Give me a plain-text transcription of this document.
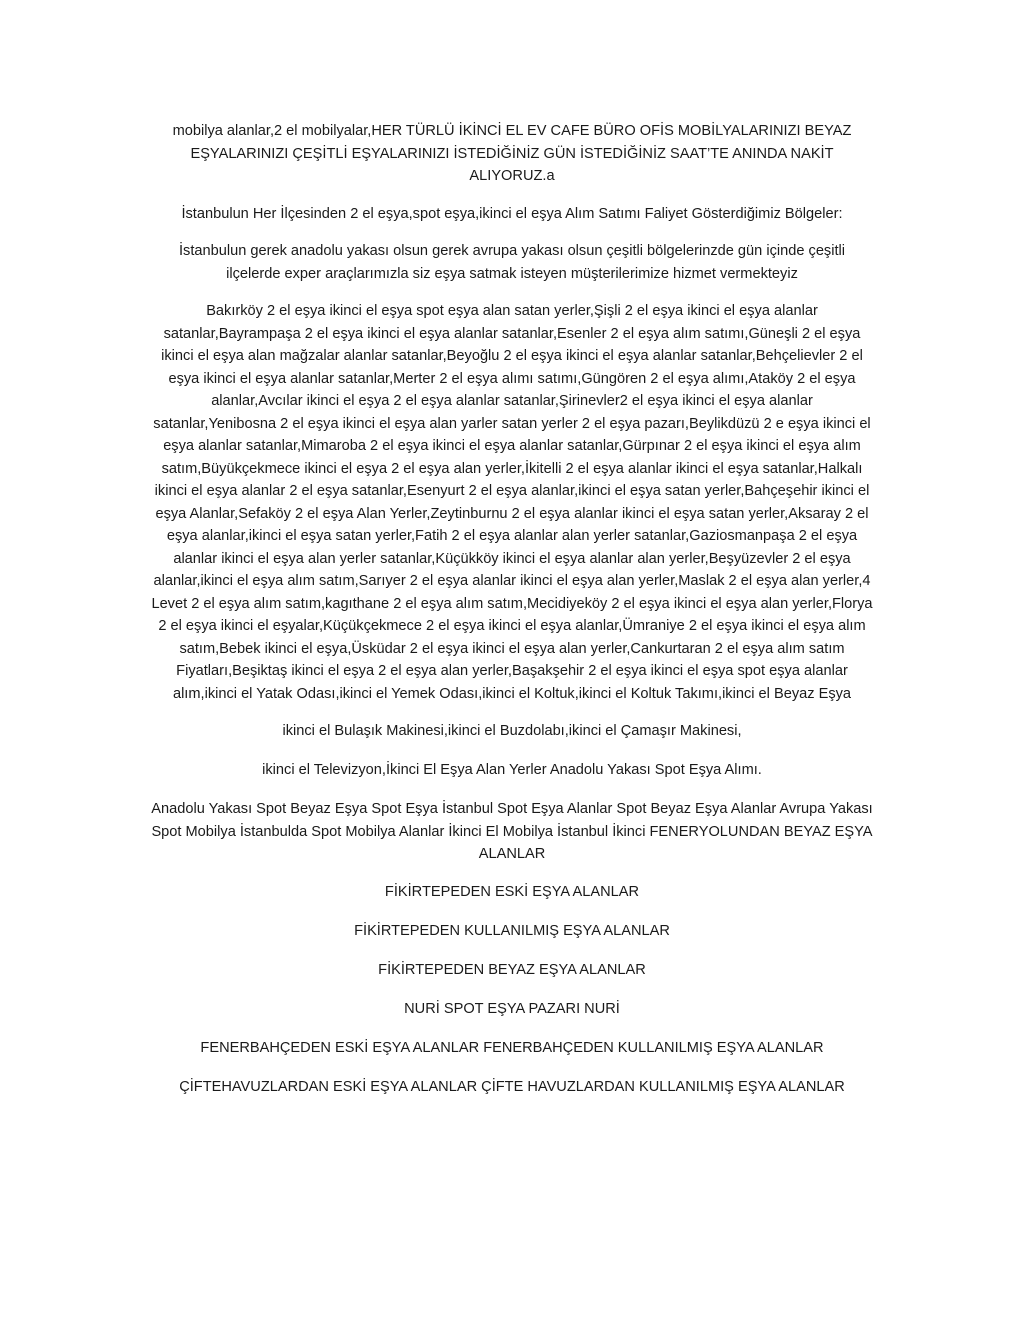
mobilya alanlar,2 el mobilyalar,HER TÜRLÜ İKİNCİ EL EV CAFE BÜRO OFİS MOBİLYALARINIZI BEYAZ EŞYALARINIZI ÇEŞİTLİ EŞYALARINIZI İSTEDİĞİNİZ GÜN İSTEDİĞİNİZ SAAT’TE ANINDA NAKİT ALIYORUZ.a

İstanbulun Her İlçesinden 2 el eşya,spot eşya,ikinci el eşya Alım Satımı Faliyet Gösterdiğimiz Bölgeler:

İstanbulun gerek anadolu yakası olsun gerek avrupa yakası olsun çeşitli bölgelerinzde gün içinde çeşitli ilçelerde exper araçlarımızla siz eşya satmak isteyen müşterilerimize hizmet vermekteyiz

Bakırköy 2 el eşya ikinci el eşya spot eşya alan satan yerler,Şişli 2 el eşya ikinci el eşya alanlar satanlar,Bayrampaşa 2 el eşya ikinci el eşya alanlar satanlar,Esenler 2 el eşya alım satımı,Güneşli 2 el eşya ikinci el eşya alan mağzalar alanlar satanlar,Beyoğlu 2 el eşya ikinci el eşya alanlar satanlar,Behçelievler 2 el eşya ikinci el eşya alanlar satanlar,Merter 2 el eşya alımı satımı,Güngören 2 el eşya alımı,Ataköy 2 el eşya alanlar,Avcılar ikinci el eşya 2 el eşya alanlar satanlar,Şirinevler2 el eşya ikinci el eşya alanlar satanlar,Yenibosna 2 el eşya ikinci el eşya alan yarler satan yerler 2 el eşya pazarı,Beylikdüzü 2 e eşya ikinci el eşya alanlar satanlar,Mimaroba 2 el eşya ikinci el eşya alanlar satanlar,Gürpınar 2 el eşya ikinci el eşya alım satım,Büyükçekmece ikinci el eşya 2 el eşya alan yerler,İkitelli 2 el eşya alanlar ikinci el eşya satanlar,Halkalı ikinci el eşya alanlar 2 el eşya satanlar,Esenyurt 2 el eşya alanlar,ikinci el eşya satan yerler,Bahçeşehir ikinci el eşya Alanlar,Sefaköy 2 el eşya Alan Yerler,Zeytinburnu 2 el eşya alanlar ikinci el eşya satan yerler,Aksaray 2 el eşya alanlar,ikinci el eşya satan yerler,Fatih 2 el eşya alanlar alan yerler satanlar,Gaziosmanpaşa 2 el eşya alanlar ikinci el eşya alan yerler satanlar,Küçükköy ikinci el eşya alanlar alan yerler,Beşyüzevler 2 el eşya alanlar,ikinci el eşya alım satım,Sarıyer 2 el eşya alanlar ikinci el eşya alan yerler,Maslak 2 el eşya alan yerler,4 Levet 2 el eşya alım satım,kagıthane 2 el eşya alım satım,Mecidiyeköy 2 el eşya ikinci el eşya alan yerler,Florya 2 el eşya ikinci el eşyalar,Küçükçekmece 2 el eşya ikinci el eşya alanlar,Ümraniye 2 el eşya ikinci el eşya alım satım,Bebek ikinci el eşya,Üsküdar 2 el eşya ikinci el eşya alan yerler,Cankurtaran 2 el eşya alım satım Fiyatları,Beşiktaş ikinci el eşya 2 el eşya alan yerler,Başakşehir 2 el eşya ikinci el eşya spot eşya alanlar alım,ikinci el Yatak Odası,ikinci el Yemek Odası,ikinci el Koltuk,ikinci el Koltuk Takımı,ikinci el Beyaz Eşya

ikinci el Bulaşık Makinesi,ikinci el Buzdolabı,ikinci el Çamaşır Makinesi,

ikinci el Televizyon,İkinci El Eşya Alan Yerler Anadolu Yakası Spot Eşya Alımı.

Anadolu Yakası Spot Beyaz Eşya Spot Eşya İstanbul Spot Eşya Alanlar Spot Beyaz Eşya Alanlar Avrupa Yakası Spot Mobilya İstanbulda Spot Mobilya Alanlar İkinci El Mobilya İstanbul İkinci FENERYOLUNDAN BEYAZ EŞYA ALANLAR

FİKİRTEPEDEN ESKİ EŞYA ALANLAR

FİKİRTEPEDEN KULLANILMIŞ EŞYA ALANLAR

FİKİRTEPEDEN BEYAZ EŞYA ALANLAR

NURİ SPOT EŞYA PAZARI NURİ

FENERBAHÇEDEN ESKİ EŞYA ALANLAR FENERBAHÇEDEN KULLANILMIŞ EŞYA ALANLAR

ÇİFTEHAVUZLARDAN ESKİ EŞYA ALANLAR ÇİFTE HAVUZLARDAN KULLANILMIŞ EŞYA ALANLAR
